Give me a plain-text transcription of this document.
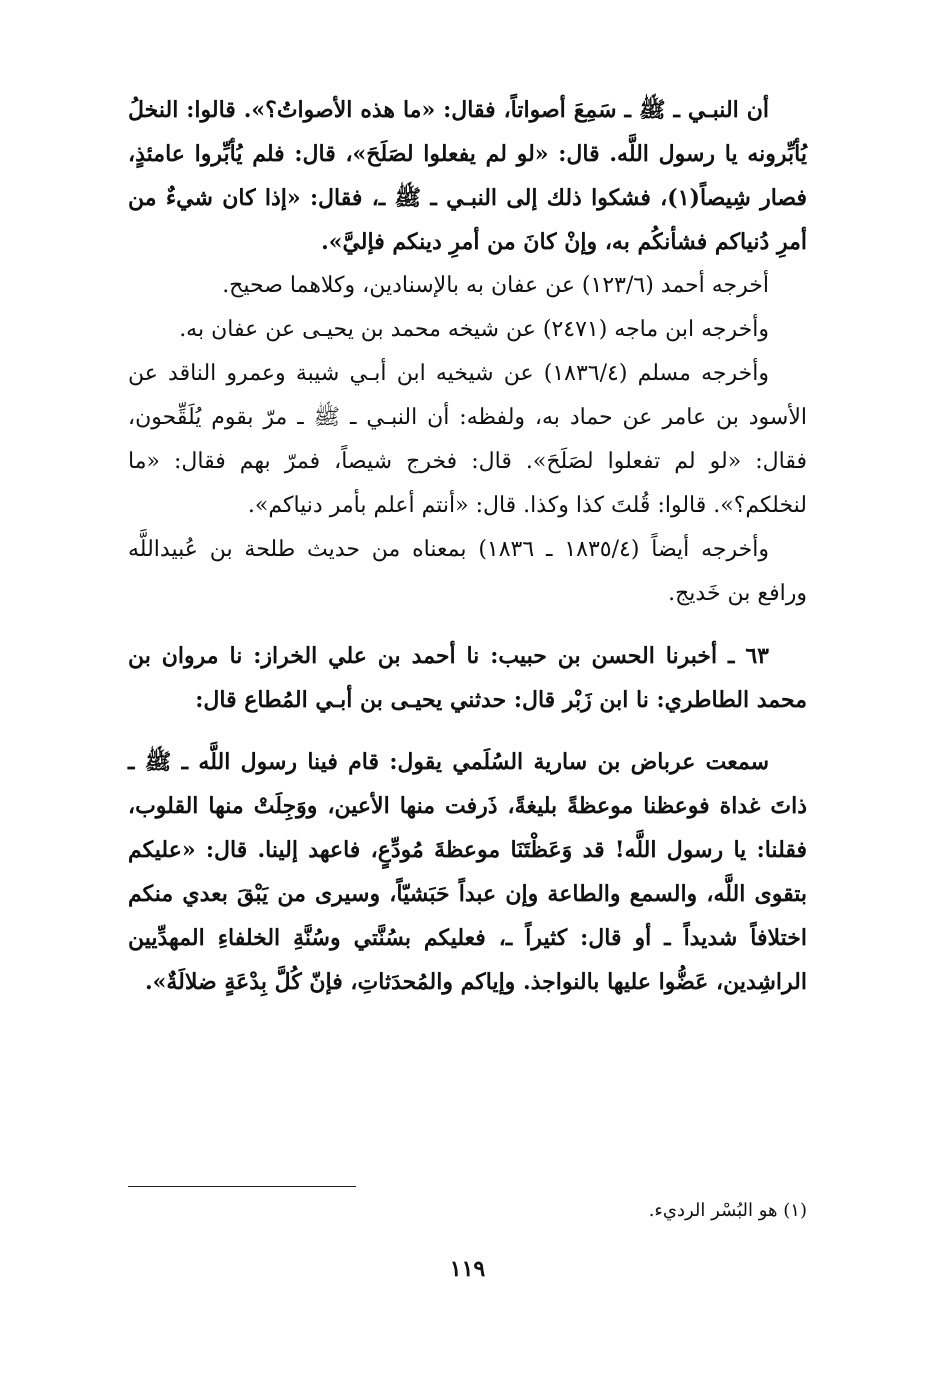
أن النبـي ـ ﷺ ـ سَمِعَ أصواتاً، فقال: «ما هذه الأصواتُ؟». قالوا: النخلُ يُأبِّرونه يا رسول اللَّه. قال: «لو لم يفعلوا لصَلَحَ»، قال: فلم يُأبِّروا عامئذٍ، فصار شِيصاً(١)، فشكوا ذلك إلى النبـي ـ ﷺ ـ، فقال: «إذا كان شيءٌ من أمرِ دُنياكم فشأنكُم به، وإنْ كانَ من أمرِ دينكم فإليَّ».

أخرجه أحمد (١٢٣/٦) عن عفان به بالإسنادين، وكلاهما صحيح.

وأخرجه ابن ماجه (٢٤٧١) عن شيخه محمد بن يحيـى عن عفان به.

وأخرجه مسلم (١٨٣٦/٤) عن شيخيه ابن أبـي شيبة وعمرو الناقد عن الأسود بن عامر عن حماد به، ولفظه: أن النبـي ـ ﷺ ـ مرّ بقوم يُلَقِّحون، فقال: «لو لم تفعلوا لصَلَحَ». قال: فخرج شيصاً، فمرّ بهم فقال: «ما لنخلكم؟». قالوا: قُلتَ كذا وكذا. قال: «أنتم أعلم بأمر دنياكم».

وأخرجه أيضاً (١٨٣٥/٤ ـ ١٨٣٦) بمعناه من حديث طلحة بن عُبيداللَّه ورافع بن خَديج.

٦٣ ـ أخبرنا الحسن بن حبيب: نا أحمد بن علي الخراز: نا مروان بن محمد الطاطري: نا ابن زَبْر قال: حدثني يحيـى بن أبـي المُطاع قال:

سمعت عرباض بن سارية السُلَمي يقول: قام فينا رسول اللَّه ـ ﷺ ـ ذاتَ غداة فوعظنا موعظةً بليغةً، ذَرفت منها الأعين، ووَجِلَتْ منها القلوب، فقلنا: يا رسول اللَّه! قد وَعَظْتَنَا موعظةَ مُودِّعٍ، فاعهد إلينا. قال: «عليكم بتقوى اللَّه، والسمع والطاعة وإن عبداً حَبَشيّاً، وسيرى من يَبْقَ بعدي منكم اختلافاً شديداً ـ أو قال: كثيراً ـ، فعليكم بسُنَّتي وسُنَّةِ الخلفاءِ المهدِّيين الراشِدين، عَضُّوا عليها بالنواجذ. وإياكم والمُحدَثاتِ، فإنّ كُلَّ بِدْعَةٍ ضلالَةٌ».

(١) هو البُسْر الرديء.
١١٩
